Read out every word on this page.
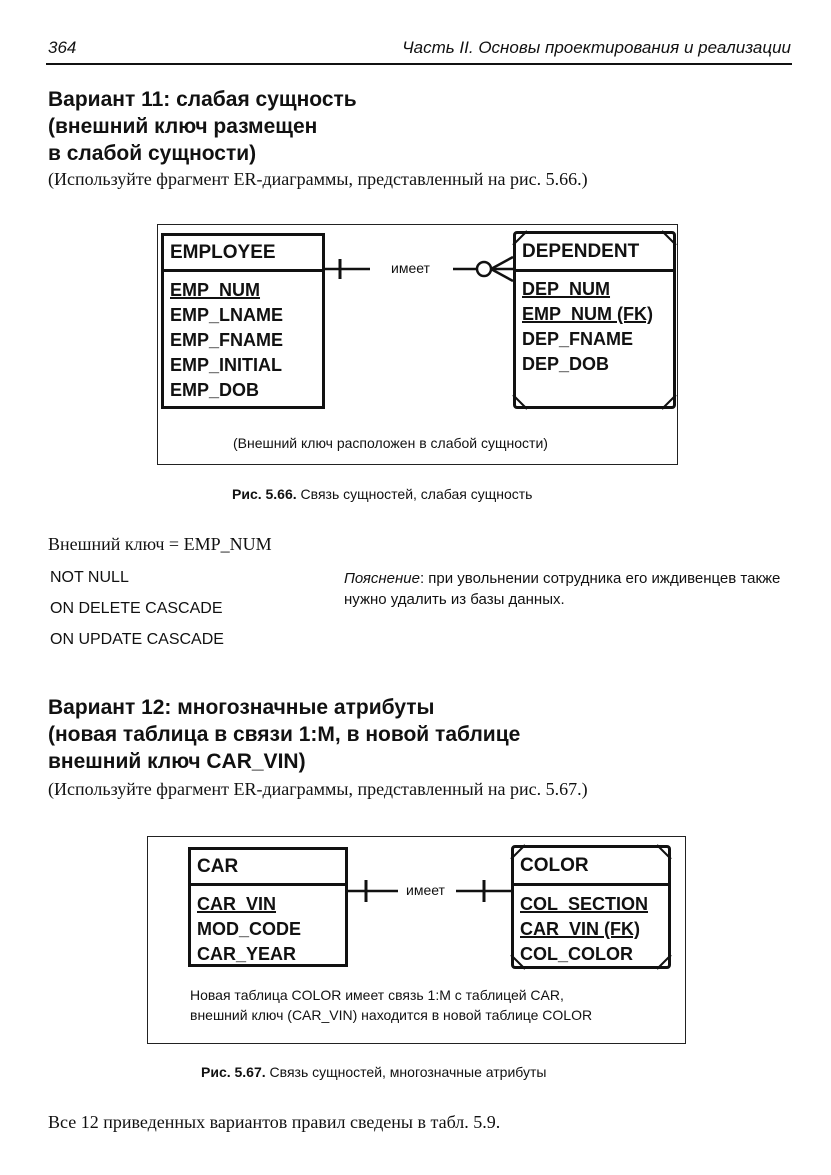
364	Часть II. Основы проектирования и реализации
Вариант 11: слабая сущность
(внешний ключ размещен
в слабой сущности)
(Используйте фрагмент ER-диаграммы, представленный на рис. 5.66.)
EMPLOYEE
EMP_NUM
EMP_LNAME
EMP_FNAME
EMP_INITIAL
EMP_DOB
имеет
DEPENDENT
DEP_NUM
EMP_NUM (FK)
DEP_FNAME
DEP_DOB
(Внешний ключ расположен в слабой сущности)
Рис. 5.66. Связь сущностей, слабая сущность
Внешний ключ = EMP_NUM
NOT NULL
ON DELETE CASCADE
ON UPDATE CASCADE
Пояснение: при увольнении сотрудника его иждивенцев также нужно удалить из базы данных.
Вариант 12: многозначные атрибуты
(новая таблица в связи 1:M, в новой таблице
внешний ключ CAR_VIN)
(Используйте фрагмент ER-диаграммы, представленный на рис. 5.67.)
CAR
CAR_VIN
MOD_CODE
CAR_YEAR
имеет
COLOR
COL_SECTION
CAR_VIN (FK)
COL_COLOR
Новая таблица COLOR имеет связь 1:M с таблицей CAR,
внешний ключ (CAR_VIN) находится в новой таблице COLOR
Рис. 5.67. Связь сущностей, многозначные атрибуты
Все 12 приведенных вариантов правил сведены в табл. 5.9.
